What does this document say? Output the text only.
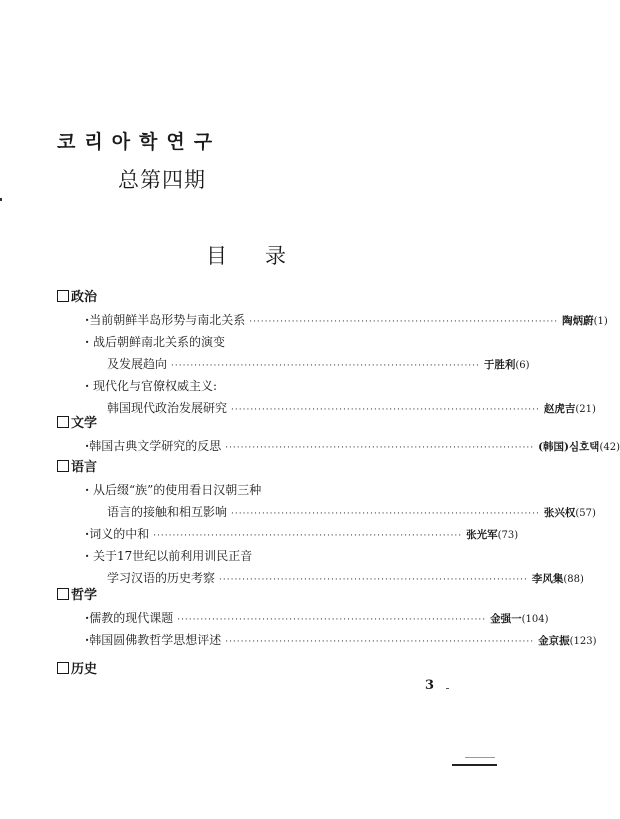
코리아학연구
总第四期
目录
政治
· 当前朝鲜半岛形势与南北关系 ················································································ 陶炳蔚 (1)
· 战后朝鲜南北关系的演变
及发展趋向 ················································································ 于胜利 (6)
· 现代化与官僚权威主义:
韩国现代政治发展研究 ················································································ 赵虎吉 (21)
文学
· 韩国古典文学研究的反思 ················································································ (韩国)심호택 (42)
语言
· 从后缀“族”的使用看日汉朝三种
语言的接触和相互影响 ················································································ 张兴权 (57)
· 词义的中和 ················································································ 张光军 (73)
· 关于17世纪以前利用训民正音
学习汉语的历史考察 ················································································ 李风集 (88)
哲学
· 儒教的现代课题 ················································································ 金强一 (104)
· 韩国圆佛教哲学思想评述 ················································································ 金京振 (123)
历史
3
